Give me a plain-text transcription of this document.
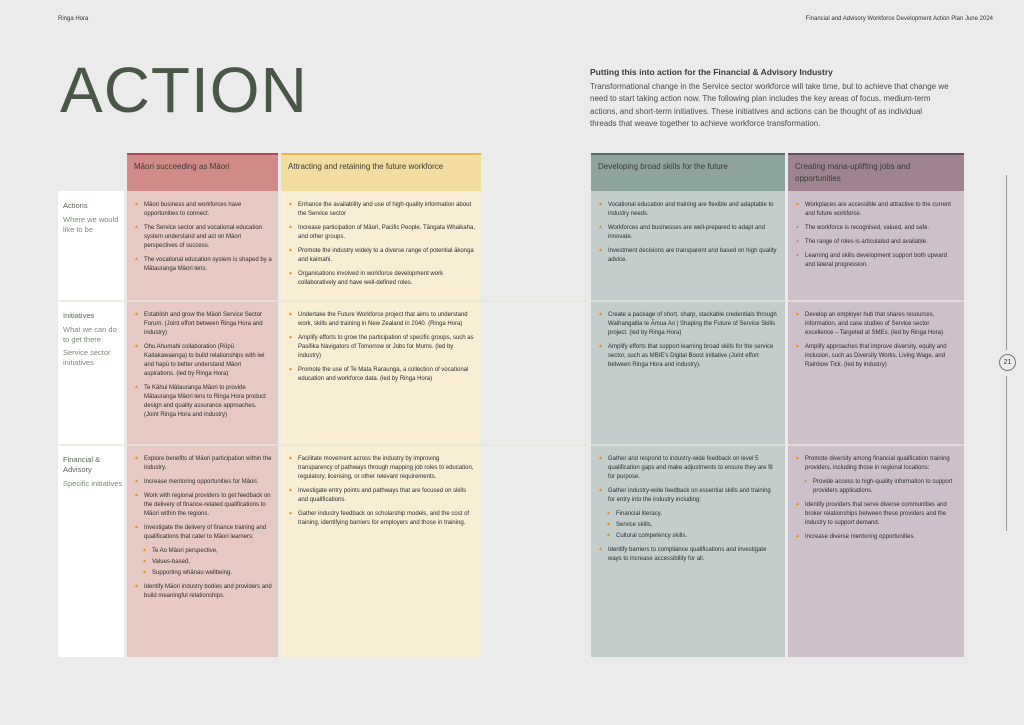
Ringa Hora	Financial and Advisory Workforce Development Action Plan June 2024
ACTION	Putting this into action for the Financial & Advisory Industry

Transformational change in the Service sector workforce will take time, but to achieve that change we need to start taking action now. The following plan includes the key areas of focus, medium-term actions, and short-term initiatives. These initiatives and actions can be thought of as individual threads that weave together to achieve workforce transformation.

Actions
Where we would like to be
Initiatives
What we can do to get there
Service sector initiatives
Financial & Advisory
Specific initiatives
Māori succeeding as Māori
▲ Māori business and workforces have opportunities to connect.
▲ The Service sector and vocational education system understand and act on Māori perspectives of success.
▲ The vocational education system is shaped by a Mātauranga Māori lens.
▲ Establish and grow the Māori Service Sector Forum. (Joint effort between Ringa Hora and industry)
▲ Ohu Ahumahi collaboration (Rōpū Kaitakawaenga) to build relationships with iwi and hapū to better understand Māori aspirations. (led by Ringa Hora)
▲ Te Kāhui Mātauranga Māori to provide Mātauranga Māori lens to Ringa Hora product design and quality assurance approaches. (Joint Ringa Hora and industry)
▲ Explore benefits of Māori participation within the industry.
▲ Increase mentoring opportunities for Māori.
▲ Work with regional providers to get feedback on the delivery of finance-related qualifications to Māori within the regions.
▲ Investigate the delivery of finance training and qualifications that cater to Māori learners:
▲ Te Ao Māori perspective,
▲ Values-based,
▲ Supporting whānau wellbeing.
▲ Identify Māori industry bodies and providers and build meaningful relationships.
Attracting and retaining the future workforce
▲ Enhance the availability and use of high-quality information about the Service sector
▲ Increase participation of Māori, Pacific People, Tāngata Whaikaha, and other groups.
▲ Promote the industry widely to a diverse range of potential ākonga and kaimahi.
▲ Organisations involved in workforce development work collaboratively and have well-defined roles.
▲ Undertake the Future Workforce project that aims to understand work, skills and training in New Zealand in 2040. (Ringa Hora)
▲ Amplify efforts to grow the participation of specific groups, such as Pasifika Navigators of Tomorrow or Jobs for Mums. (led by industry)
▲ Promote the use of Te Mata Raraunga, a collection of vocational education and workforce data. (led by Ringa Hora)
▲ Facilitate movement across the industry by improving transparency of pathways through mapping job roles to education, regulatory, licensing, or other relevant requirements.
▲ Investigate entry points and pathways that are focused on skills and qualifications.
▲ Gather industry feedback on scholarship models, and the cost of training, identifying barriers for employers and those in training.
Developing broad skills for the future
▲ Vocational education and training are flexible and adaptable to industry needs.
▲ Workforces and businesses are well-prepared to adapt and innovate.
▲ Investment decisions are transparent and based on high quality advice.
▲ Create a package of short, sharp, stackable credentials through Waihangaitia te Āmua Ao | Shaping the Future of Service Skills project. (led by Ringa Hora)
▲ Amplify efforts that support learning broad skills for the service sector, such as MBIE's Digital Boost initiative (Joint effort between Ringa Hora and industry).
▲ Gather and respond to industry-wide feedback on level 5 qualification gaps and make adjustments to ensure they are fit for purpose.
▲ Gather industry-wide feedback on essential skills and training for entry into the industry including:
▲ Financial literacy,
▲ Service skills,
▲ Cultural competency skills.
▲ Identify barriers to compliance qualifications and investigate ways to increase accessibility for all.
Creating mana-uplifting jobs and opportunities
▲ Workplaces are accessible and attractive to the current and future workforce.
▲ The workforce is recognised, valued, and safe.
▲ The range of roles is articulated and available.
▲ Learning and skills development support both upward and lateral progression.
▲ Develop an employer hub that shares resources, information, and case studies of Service sector excellence – Targeted at SMEs. (led by Ringa Hora)
▲ Amplify approaches that improve diversity, equity and inclusion, such as Diversity Works, Living Wage, and Rainbow Tick. (led by industry)
▲ Promote diversity among financial qualification training providers, including those in regional locations:
▲ Provide access to high-quality information to support providers applications.
▲ Identify providers that serve diverse communities and broker relationships between these providers and the industry to support demand.
▲ Increase diverse mentoring opportunities.
21
